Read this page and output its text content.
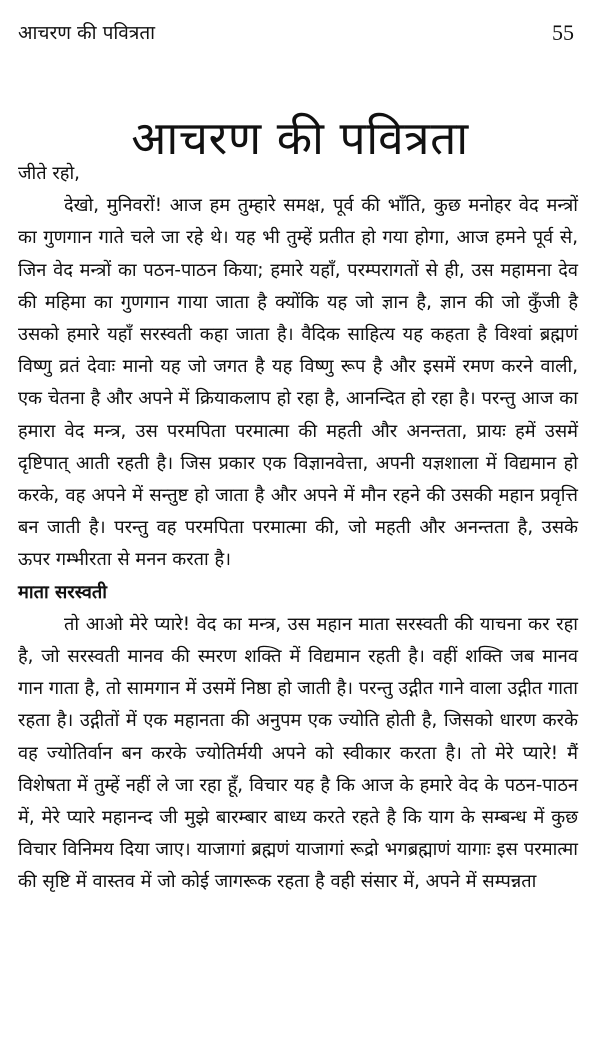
आचरण की पवित्रता	55
आचरण की पवित्रता

जीते रहो,

देखो, मुनिवरों! आज हम तुम्हारे समक्ष, पूर्व की भाँति, कुछ मनोहर वेद मन्त्रों का गुणगान गाते चले जा रहे थे। यह भी तुम्हें प्रतीत हो गया होगा, आज हमने पूर्व से, जिन वेद मन्त्रों का पठन-पाठन किया; हमारे यहाँ, परम्परागतों से ही, उस महामना देव की महिमा का गुणगान गाया जाता है क्योंकि यह जो ज्ञान है, ज्ञान की जो कुँजी है उसको हमारे यहाँ सरस्वती कहा जाता है। वैदिक साहित्य यह कहता है विश्वां ब्रह्मणं विष्णु व्रतं देवाः मानो यह जो जगत है यह विष्णु रूप है और इसमें रमण करने वाली, एक चेतना है और अपने में क्रियाकलाप हो रहा है, आनन्दित हो रहा है। परन्तु आज का हमारा वेद मन्त्र, उस परमपिता परमात्मा की महती और अनन्तता, प्रायः हमें उसमें दृष्टिपात् आती रहती है। जिस प्रकार एक विज्ञानवेत्ता, अपनी यज्ञशाला में विद्यमान हो करके, वह अपने में सन्तुष्ट हो जाता है और अपने में मौन रहने की उसकी महान प्रवृत्ति बन जाती है। परन्तु वह परमपिता परमात्मा की, जो महती और अनन्तता है, उसके ऊपर गम्भीरता से मनन करता है।

माता सरस्वती

तो आओ मेरे प्यारे! वेद का मन्त्र, उस महान माता सरस्वती की याचना कर रहा है, जो सरस्वती मानव की स्मरण शक्ति में विद्यमान रहती है। वहीं शक्ति जब मानव गान गाता है, तो सामगान में उसमें निष्ठा हो जाती है। परन्तु उद्गीत गाने वाला उद्गीत गाता रहता है। उद्गीतों में एक महानता की अनुपम एक ज्योति होती है, जिसको धारण करके वह ज्योतिर्वान बन करके ज्योतिर्मयी अपने को स्वीकार करता है। तो मेरे प्यारे! मैं विशेषता में तुम्हें नहीं ले जा रहा हूँ, विचार यह है कि आज के हमारे वेद के पठन-पाठन में, मेरे प्यारे महानन्द जी मुझे बारम्बार बाध्य करते रहते है कि याग के सम्बन्ध में कुछ विचार विनिमय दिया जाए। याजागां ब्रह्मणं याजागां रूद्रो भगब्रह्माणं यागाः इस परमात्मा की सृष्टि में वास्तव में जो कोई जागरूक रहता है वही संसार में, अपने में सम्पन्नता
